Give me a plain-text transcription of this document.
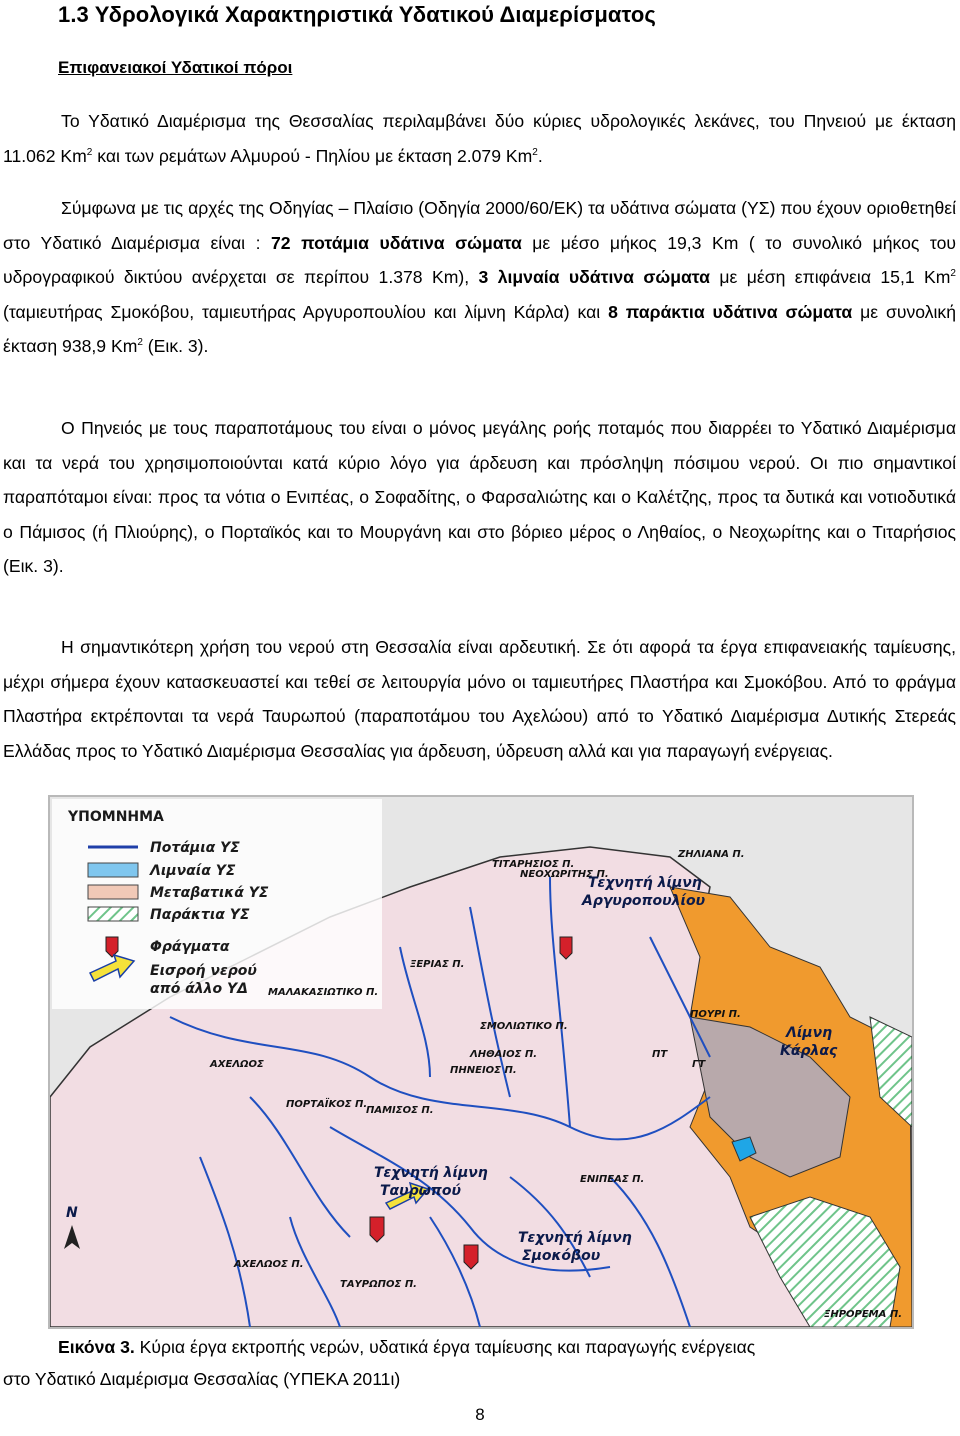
1.3 Υδρολογικά Χαρακτηριστικά Υδατικού Διαμερίσματος
Επιφανειακοί Υδατικοί πόροι

Το Υδατικό Διαμέρισμα της Θεσσαλίας περιλαμβάνει δύο κύριες υδρολογικές λεκάνες, του Πηνειού με έκταση 11.062 Km$^2$ και των ρεμάτων Αλμυρού - Πηλίου με έκταση 2.079 Km$^2$.

Σύμφωνα με τις αρχές της Οδηγίας – Πλαίσιο (Οδηγία 2000/60/ΕΚ) τα υδάτινα σώματα (ΥΣ) που έχουν οριοθετηθεί στο Υδατικό Διαμέρισμα είναι : 72 ποτάμια υδάτινα σώματα με μέσο μήκος 19,3 Km ( το συνολικό μήκος του υδρογραφικού δικτύου ανέρχεται σε περίπου 1.378 Km), 3 λιμναία υδάτινα σώματα με μέση επιφάνεια 15,1 Km$^2$ (ταμιευτήρας Σμοκόβου, ταμιευτήρας Αργυροπουλίου και λίμνη Κάρλα) και 8 παράκτια υδάτινα σώματα με συνολική έκταση 938,9 Km$^2$ (Εικ. 3).

Ο Πηνειός με τους παραποτάμους του είναι ο μόνος μεγάλης ροής ποταμός που διαρρέει το Υδατικό Διαμέρισμα και τα νερά του χρησιμοποιούνται κατά κύριο λόγο για άρδευση και πρόσληψη πόσιμου νερού. Οι πιο σημαντικοί παραπόταμοι είναι: προς τα νότια ο Ενιπέας, ο Σοφαδίτης, ο Φαρσαλιώτης και ο Καλέτζης, προς τα δυτικά και νοτιοδυτικά ο Πάμισος (ή Πλιούρης), ο Πορταϊκός και το Μουργάνη και στο βόριεο μέρος ο Ληθαίος, ο Νεοχωρίτης και ο Τιταρήσιος (Εικ. 3).

Η σημαντικότερη χρήση του νερού στη Θεσσαλία είναι αρδευτική. Σε ότι αφορά τα έργα επιφανειακής ταμίευσης, μέχρι σήμερα έχουν κατασκευαστεί και τεθεί σε λειτουργία μόνο οι ταμιευτήρες Πλαστήρα και Σμοκόβου. Από το φράγμα Πλαστήρα εκτρέπονται τα νερά Ταυρωπού (παραποτάμου του Αχελώου) από το Υδατικό Διαμέρισμα Δυτικής Στερεάς Ελλάδας προς το Υδατικό Διαμέρισμα Θεσσαλίας για άρδευση, ύδρευση αλλά και για παραγωγή ενέργειας.

ΥΠΟΜΝΗΜΑ
Ποτάμια ΥΣ
Λιμναία ΥΣ
Μεταβατικά ΥΣ
Παράκτια ΥΣ
Φράγματα
Εισροή νερού
από άλλο ΥΔ
ΤΙΤΑΡΗΣΙΟΣ Π.
ΝΕΟΧΩΡΙΤΗΣ Π.
ΖΗΛΙΑΝΑ Π.
ΜΑΛΑΚΑΣΙΩΤΙΚΟ Π.
ΞΕΡΙΑΣ Π.
ΣΜΟΛΙΩΤΙΚΟ Π.
ΛΗΘΑΙΟΣ Π.
ΠΗΝΕΙΟΣ Π.
ΠΟΡΤΑΪΚΟΣ Π.
ΠΑΜΙΣΟΣ Π.
ΑΧΕΛΩΟΣ
ΕΝΙΠΕΑΣ Π.
ΑΧΕΛΩΟΣ Π.
ΤΑΥΡΩΠΟΣ Π.
ΞΗΡΟΡΕΜΑ Π.
ΠΟΥΡΙ Π.
ΠΤ
ΓΤ
Τεχνητή λίμνη
Αργυροπουλίου
Λίμνη
Κάρλας
Τεχνητή λίμνη
Ταυρωπού
Τεχνητή λίμνη
Σμοκόβου
N
Εικόνα 3. Κύρια έργα εκτροπής νερών, υδατικά έργα ταμίευσης και παραγωγής ενέργειας
στο Υδατικό Διαμέρισμα Θεσσαλίας (ΥΠΕΚΑ 2011ι)
8
